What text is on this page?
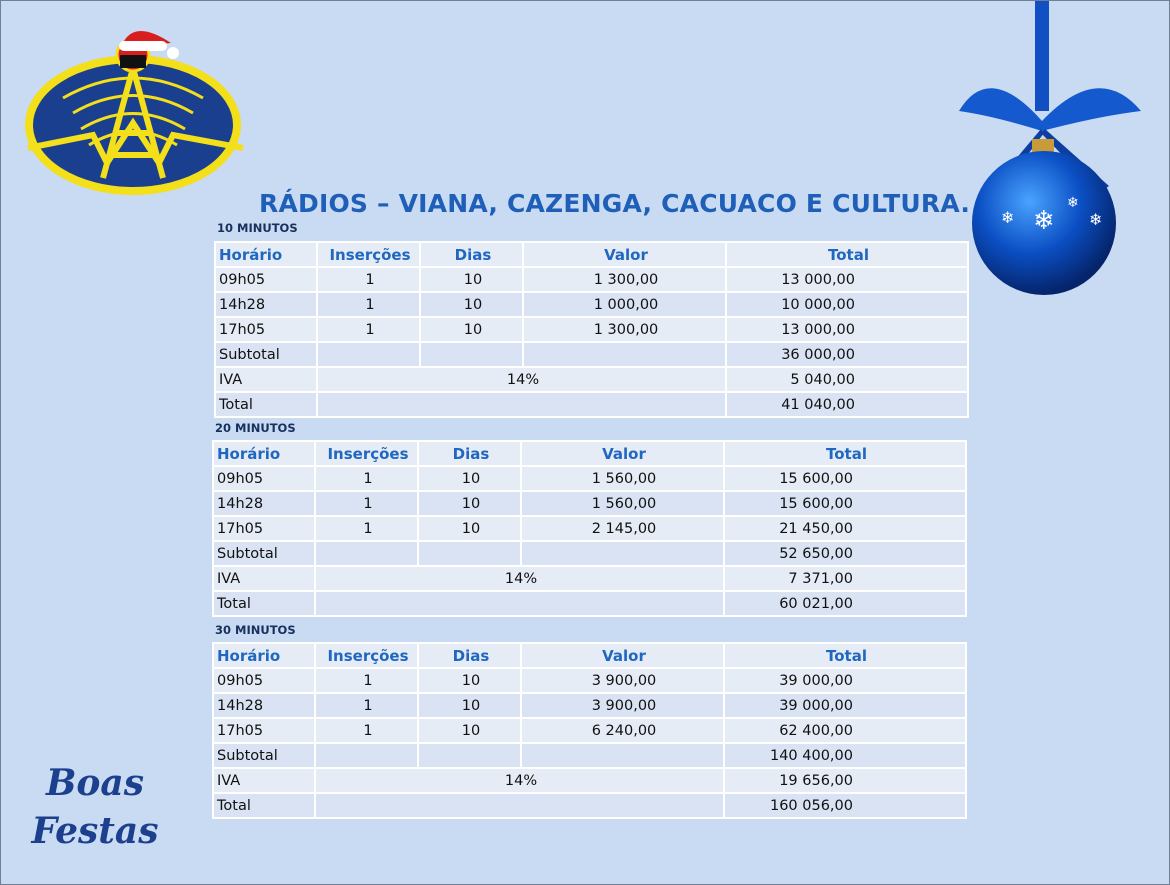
❄
❄
❄
❄
Boas
Festas
RÁDIOS – VIANA, CAZENGA, CACUACO E CULTURA.
10 MINUTOS
Horário	Inserções	Dias	Valor	Total
09h05	1	10	1 300,00	13 000,00
14h28	1	10	1 000,00	10 000,00
17h05	1	10	1 300,00	13 000,00
Subtotal				36 000,00
IVA	14%			5 040,00
Total				41 040,00
20 MINUTOS
Horário	Inserções	Dias	Valor	Total
09h05	1	10	1 560,00	15 600,00
14h28	1	10	1 560,00	15 600,00
17h05	1	10	2 145,00	21 450,00
Subtotal				52 650,00
IVA	14%			7 371,00
Total				60 021,00
30 MINUTOS
Horário	Inserções	Dias	Valor	Total
09h05	1	10	3 900,00	39 000,00
14h28	1	10	3 900,00	39 000,00
17h05	1	10	6 240,00	62 400,00
Subtotal				140 400,00
IVA	14%			19 656,00
Total				160 056,00
